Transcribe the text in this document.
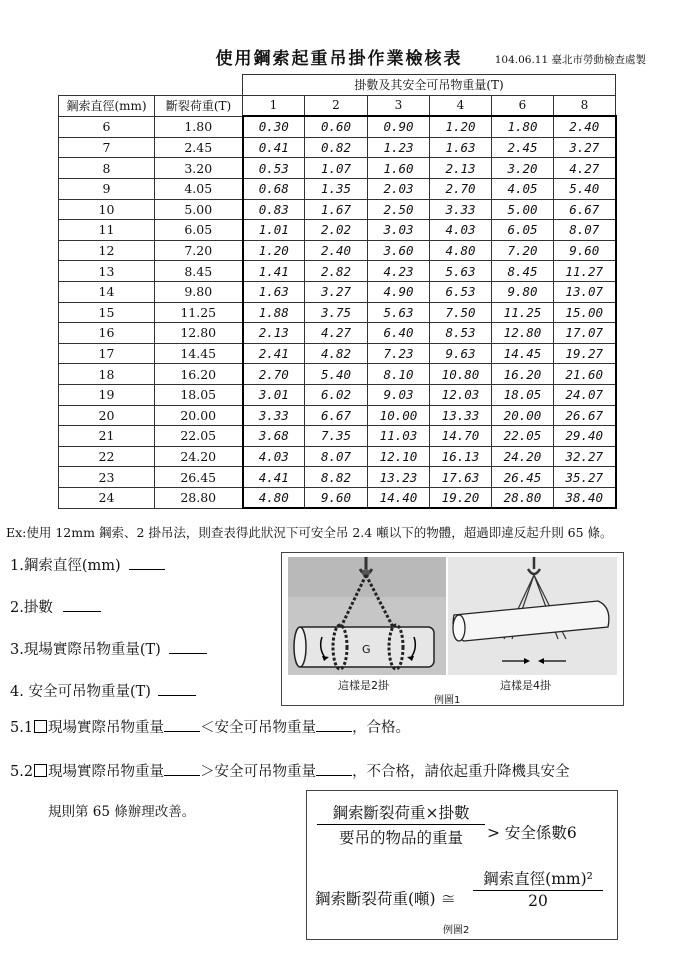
使用鋼索起重吊掛作業檢核表	104.06.11 臺北市勞動檢查處製
		掛數及其安全可吊物重量(T)					
鋼索直徑(mm)	斷裂荷重(T)	1	2	3	4	6	8
6	1.80	0.30	0.60	0.90	1.20	1.80	2.40
7	2.45	0.41	0.82	1.23	1.63	2.45	3.27
8	3.20	0.53	1.07	1.60	2.13	3.20	4.27
9	4.05	0.68	1.35	2.03	2.70	4.05	5.40
10	5.00	0.83	1.67	2.50	3.33	5.00	6.67
11	6.05	1.01	2.02	3.03	4.03	6.05	8.07
12	7.20	1.20	2.40	3.60	4.80	7.20	9.60
13	8.45	1.41	2.82	4.23	5.63	8.45	11.27
14	9.80	1.63	3.27	4.90	6.53	9.80	13.07
15	11.25	1.88	3.75	5.63	7.50	11.25	15.00
16	12.80	2.13	4.27	6.40	8.53	12.80	17.07
17	14.45	2.41	4.82	7.23	9.63	14.45	19.27
18	16.20	2.70	5.40	8.10	10.80	16.20	21.60
19	18.05	3.01	6.02	9.03	12.03	18.05	24.07
20	20.00	3.33	6.67	10.00	13.33	20.00	26.67
21	22.05	3.68	7.35	11.03	14.70	22.05	29.40
22	24.20	4.03	8.07	12.10	16.13	24.20	32.27
23	26.45	4.41	8.82	13.23	17.63	26.45	35.27
24	28.80	4.80	9.60	14.40	19.20	28.80	38.40
Ex:使用 12mm 鋼索、2 掛吊法，則查表得此狀況下可安全吊 2.4 噸以下的物體，超過即違反起升則 65 條。
1.鋼索直徑(mm)
2.掛數
3.現場實際吊物重量(T)
4. 安全可吊物重量(T)
5.1 現場實際吊物重量 ＜安全可吊物重量 ，合格。
5.2 現場實際吊物重量 ＞安全可吊物重量 ，不合格，請依起重升降機具安全
規則第 65 條辦理改善。
G
這樣是2掛	這樣是4掛
例圖1
鋼索斷裂荷重×掛數
要吊的物品的重量	> 安全係數6
鋼索斷裂荷重(噸) ≅
鋼索直徑(mm)²
20
例圖2
